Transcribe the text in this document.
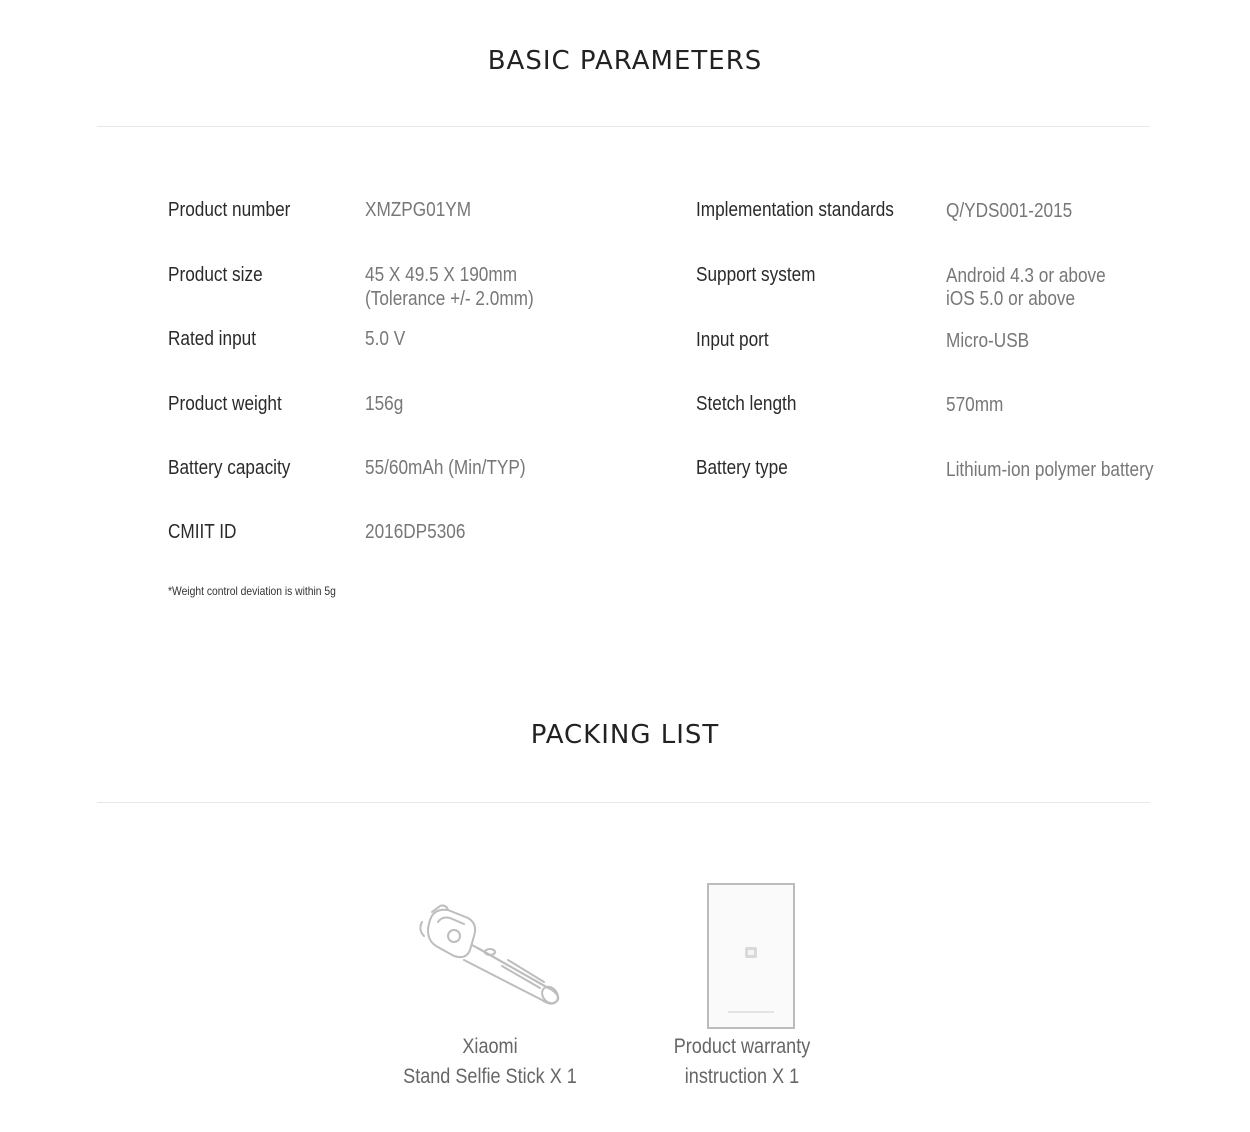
BASIC PARAMETERS
Product number	XMZPG01YM
Product size	45 X 49.5 X 190mm
(Tolerance +/- 2.0mm)
Rated input	5.0 V
Product weight	156g
Battery capacity	55/60mAh (Min/TYP)
CMIIT ID	2016DP5306
Implementation standards	Q/YDS001-2015
Support system	Android 4.3 or above
iOS 5.0 or above
Input port	Micro-USB
Stetch length	570mm
Battery type	Lithium-ion polymer battery
*Weight control deviation is within 5g
PACKING LIST
Xiaomi
Stand Selfie Stick X 1
Product warranty
instruction X 1
